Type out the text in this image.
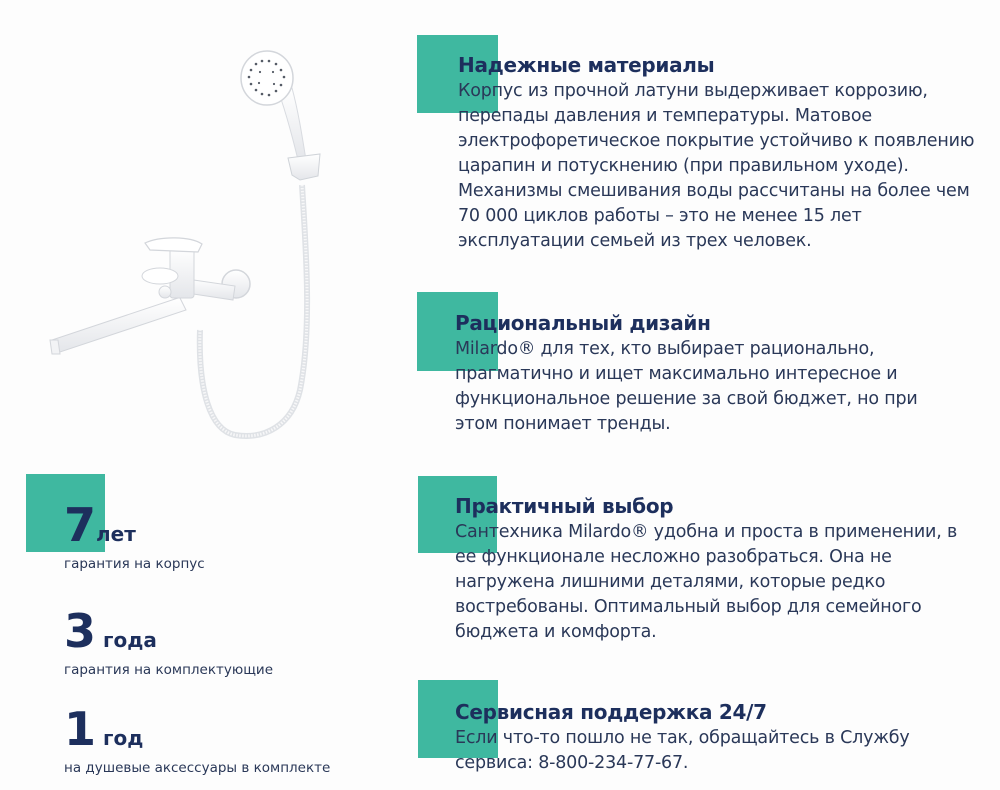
Надежные материалы

Корпус из прочной латуни выдерживает коррозию, перепады давления и температуры. Матовое электрофоретическое покрытие устойчиво к появлению царапин и потускнению (при правильном уходе). Механизмы смешивания воды рассчитаны на более чем 70 000 циклов работы – это не менее 15 лет эксплуатации семьей из трех человек.

Рациональный дизайн

Milardo® для тех, кто выбирает рационально, прагматично и ищет максимально интересное и функциональное решение за свой бюджет, но при этом понимает тренды.

Практичный выбор

Сантехника Milardo® удобна и проста в применении, в ее функционале несложно разобраться. Она не нагружена лишними деталями, которые редко востребованы. Оптимальный выбор для семейного бюджета и комфорта.

Сервисная поддержка 24/7

Если что-то пошло не так, обращайтесь в Службу сервиса: 8-800-234-77-67.

7лет
гарантия на корпус
3 года
гарантия на комплектующие
1 год
на душевые аксессуары в комплекте
